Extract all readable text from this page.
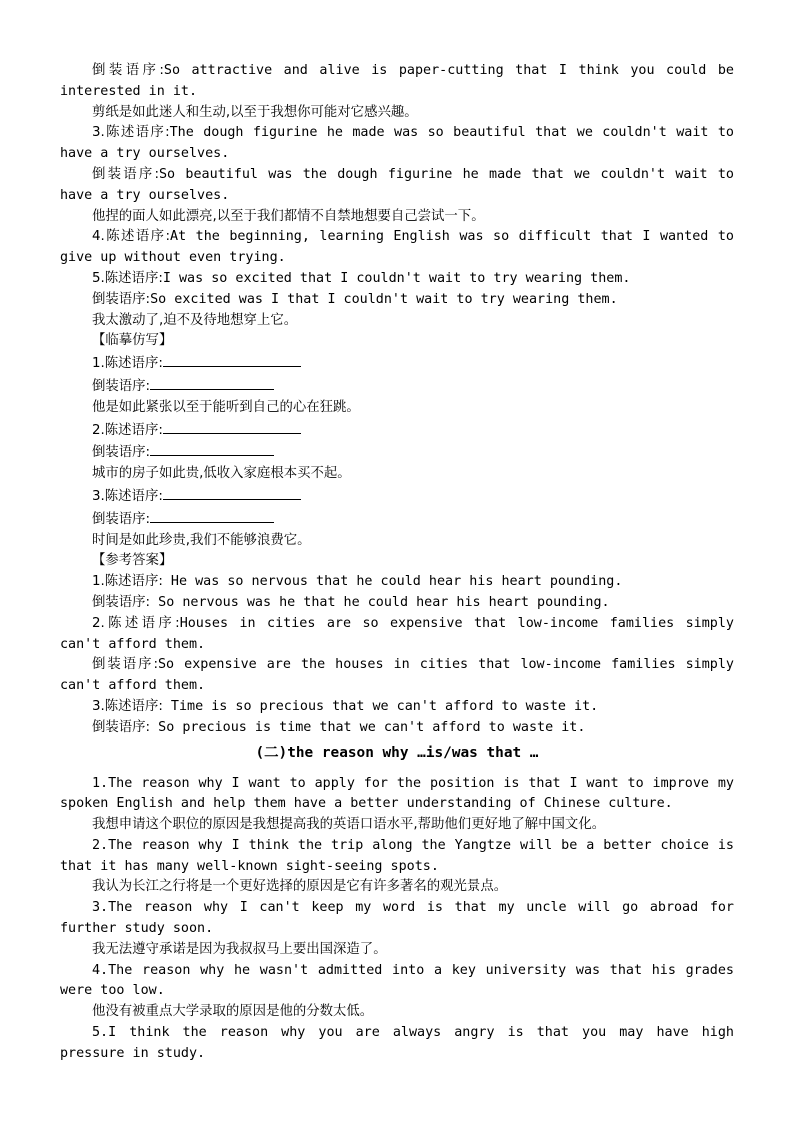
倒装语序:So attractive and alive is paper-cutting that I think you could be interested in it.

剪纸是如此迷人和生动,以至于我想你可能对它感兴趣。

3.陈述语序:The dough figurine he made was so beautiful that we couldn't wait to have a try ourselves.

倒装语序:So beautiful was the dough figurine he made that we couldn't wait to have a try ourselves.

他捏的面人如此漂亮,以至于我们都情不自禁地想要自己尝试一下。

4.陈述语序:At the beginning, learning English was so difficult that I wanted to give up without even trying.

5.陈述语序:I was so excited that I couldn't wait to try wearing them.

倒装语序:So excited was I that I couldn't wait to try wearing them.

我太激动了,迫不及待地想穿上它。

【临摹仿写】

1.陈述语序:

倒装语序:

他是如此紧张以至于能听到自己的心在狂跳。

2.陈述语序:

倒装语序:

城市的房子如此贵,低收入家庭根本买不起。

3.陈述语序:

倒装语序:

时间是如此珍贵,我们不能够浪费它。

【参考答案】

1.陈述语序: He was so nervous that he could hear his heart pounding.

倒装语序: So nervous was he that he could hear his heart pounding.

2.陈述语序:Houses in cities are so expensive that low-income families simply can't afford them.

倒装语序:So expensive are the houses in cities that low-income families simply can't afford them.

3.陈述语序: Time is so precious that we can't afford to waste it.

倒装语序: So precious is time that we can't afford to waste it.

(二)the reason why …is/was that …

1.The reason why I want to apply for the position is that I want to improve my spoken English and help them have a better understanding of Chinese culture.

我想申请这个职位的原因是我想提高我的英语口语水平,帮助他们更好地了解中国文化。

2.The reason why I think the trip along the Yangtze will be a better choice is that it has many well-known sight-seeing spots.

我认为长江之行将是一个更好选择的原因是它有许多著名的观光景点。

3.The reason why I can't keep my word is that my uncle will go abroad for further study soon.

我无法遵守承诺是因为我叔叔马上要出国深造了。

4.The reason why he wasn't admitted into a key university was that his grades were too low.

他没有被重点大学录取的原因是他的分数太低。

5.I think the reason why you are always angry is that you may have high pressure in study.
